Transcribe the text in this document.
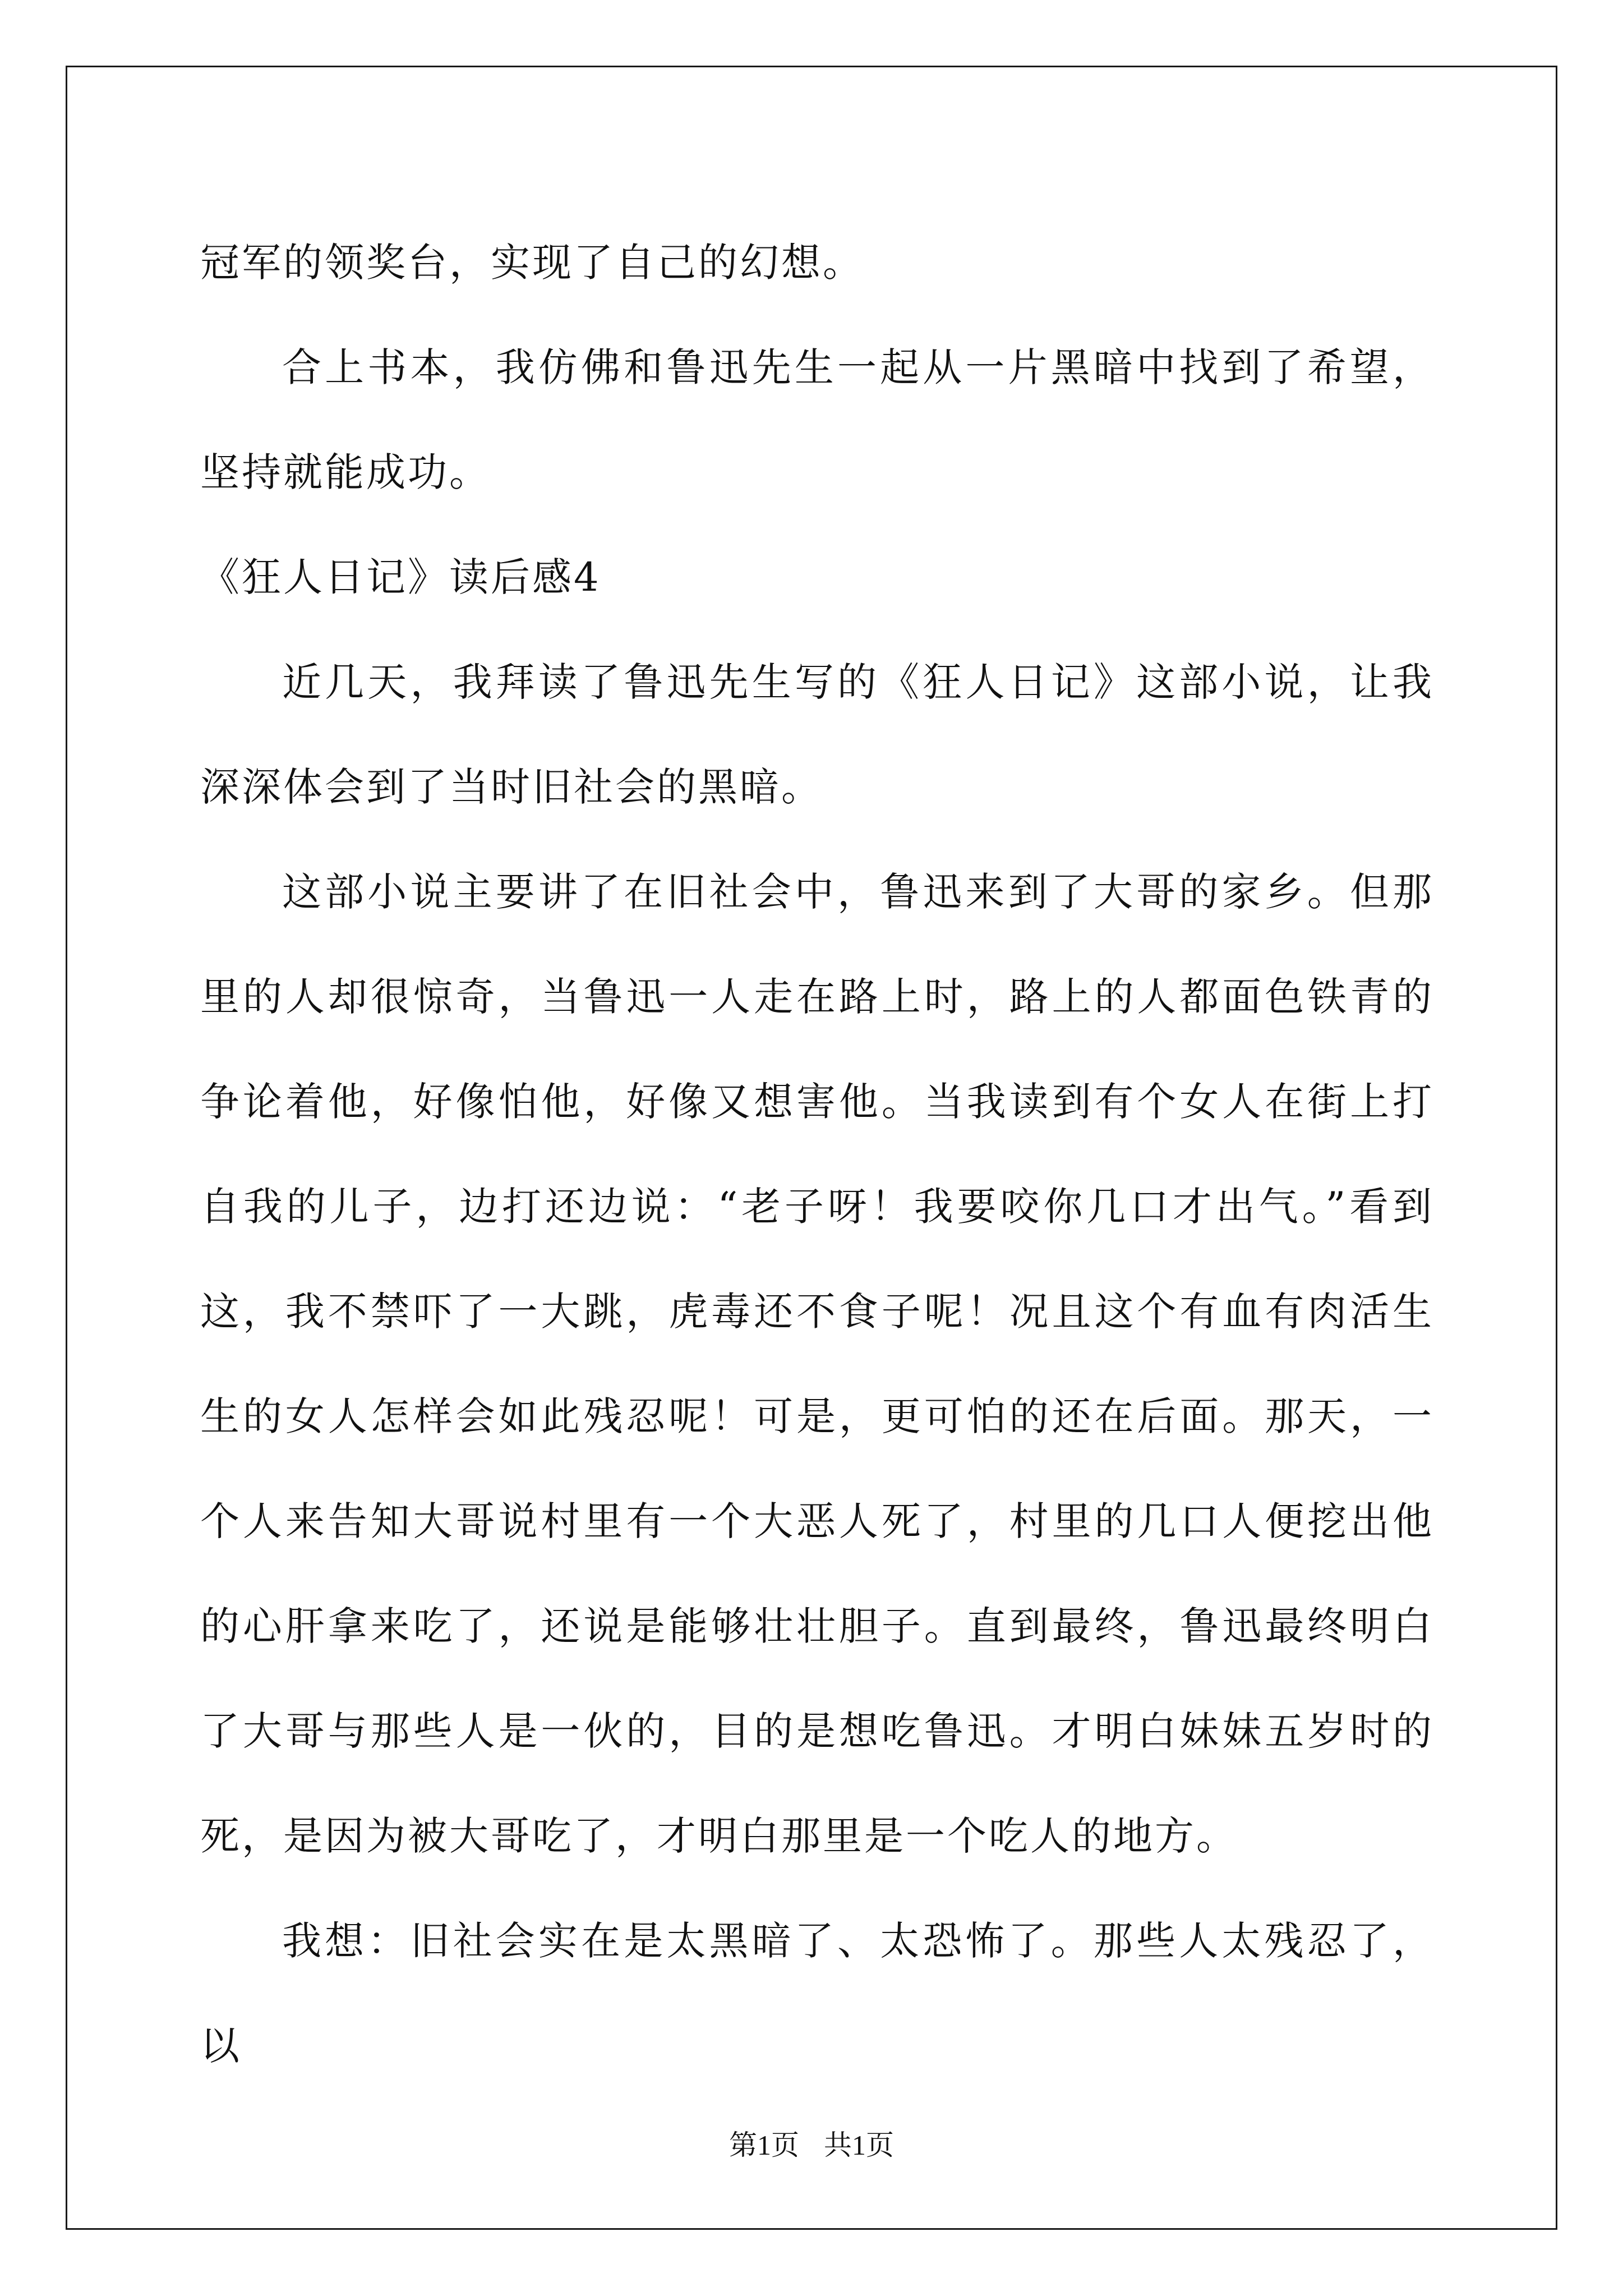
冠军的领奖台，实现了自己的幻想。

合上书本，我仿佛和鲁迅先生一起从一片黑暗中找到了希望，坚持就能成功。

《狂人日记》读后感4

近几天，我拜读了鲁迅先生写的《狂人日记》这部小说，让我深深体会到了当时旧社会的黑暗。

这部小说主要讲了在旧社会中，鲁迅来到了大哥的家乡。但那里的人却很惊奇，当鲁迅一人走在路上时，路上的人都面色铁青的争论着他，好像怕他，好像又想害他。当我读到有个女人在街上打自我的儿子，边打还边说：“老子呀！我要咬你几口才出气。”看到这，我不禁吓了一大跳，虎毒还不食子呢！况且这个有血有肉活生生的女人怎样会如此残忍呢！可是，更可怕的还在后面。那天，一个人来告知大哥说村里有一个大恶人死了，村里的几口人便挖出他的心肝拿来吃了，还说是能够壮壮胆子。直到最终，鲁迅最终明白了大哥与那些人是一伙的，目的是想吃鲁迅。才明白妹妹五岁时的死，是因为被大哥吃了，才明白那里是一个吃人的地方。

我想：旧社会实在是太黑暗了、太恐怖了。那些人太残忍了，以

第1页 共1页
